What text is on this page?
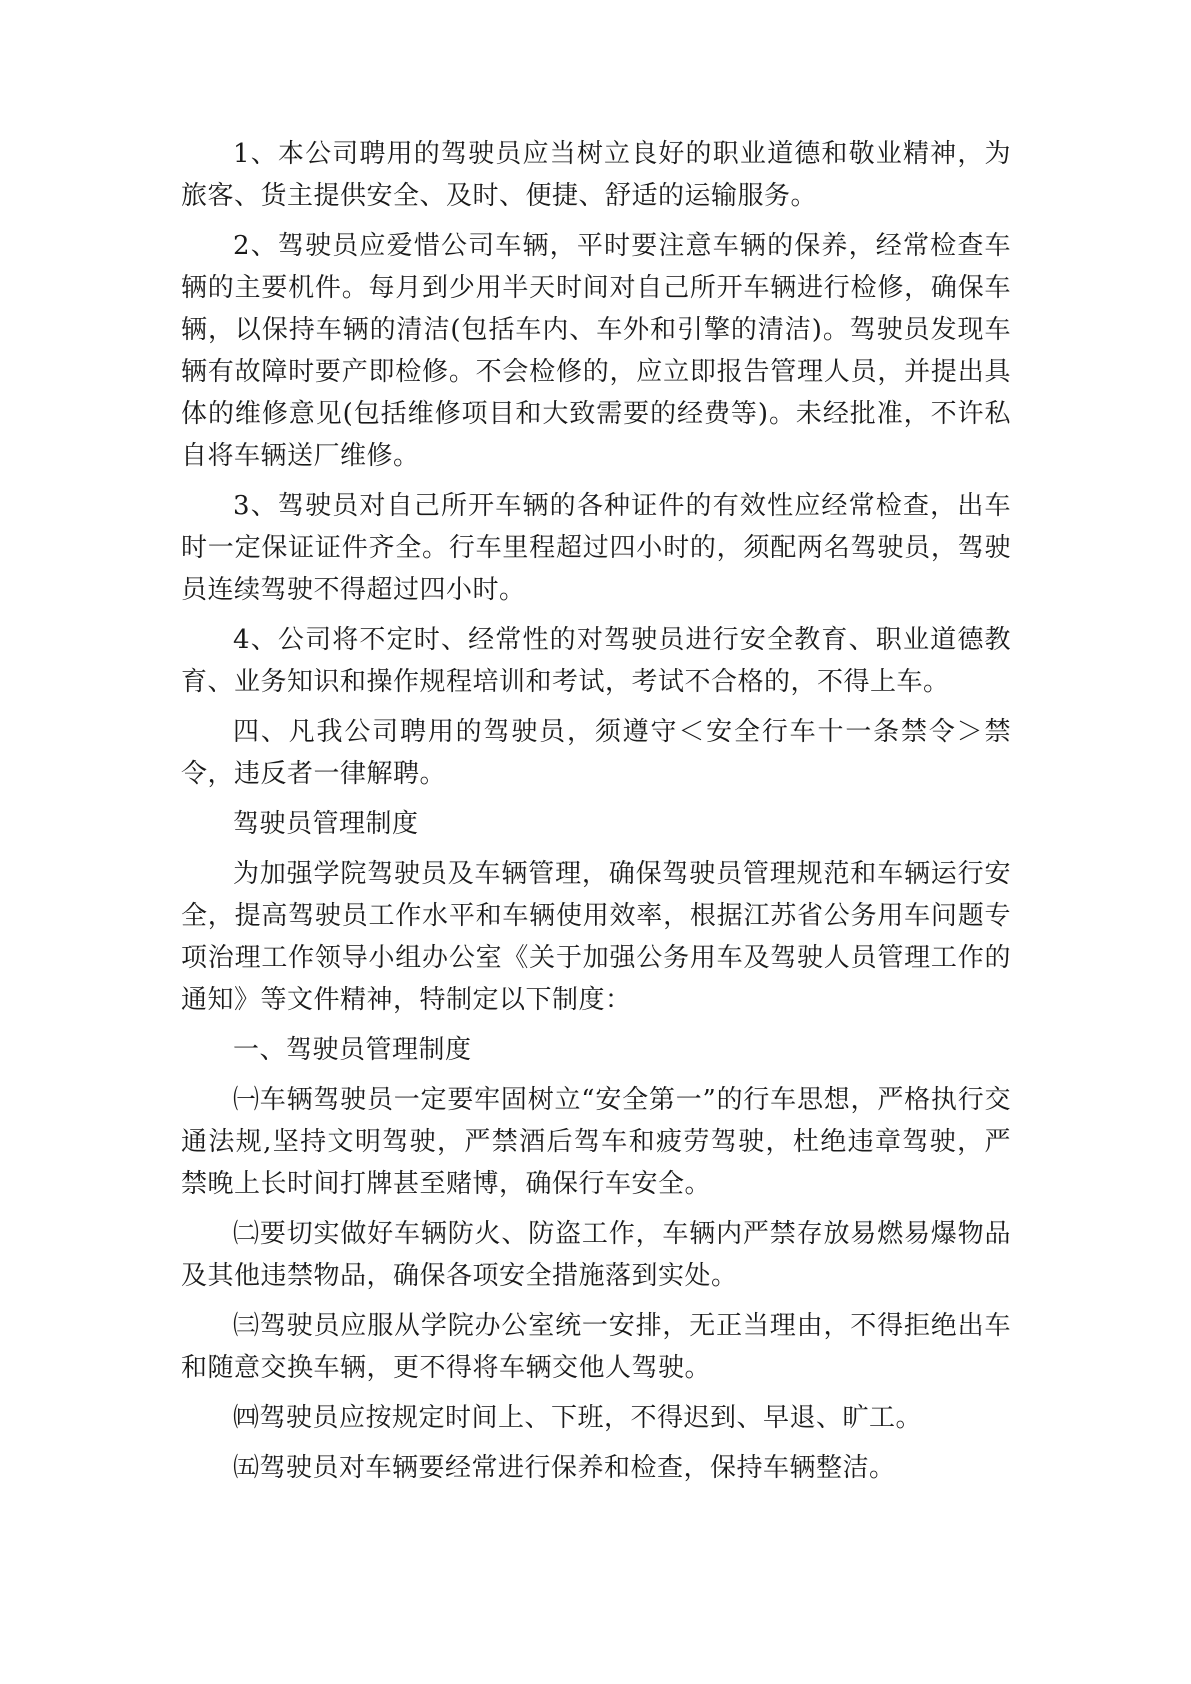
1、本公司聘用的驾驶员应当树立良好的职业道德和敬业精神，为旅客、货主提供安全、及时、便捷、舒适的运输服务。

2、驾驶员应爱惜公司车辆，平时要注意车辆的保养，经常检查车辆的主要机件。每月到少用半天时间对自己所开车辆进行检修，确保车辆，以保持车辆的清洁(包括车内、车外和引擎的清洁)。驾驶员发现车辆有故障时要产即检修。不会检修的，应立即报告管理人员，并提出具体的维修意见(包括维修项目和大致需要的经费等)。未经批准，不许私自将车辆送厂维修。

3、驾驶员对自己所开车辆的各种证件的有效性应经常检查，出车时一定保证证件齐全。行车里程超过四小时的，须配两名驾驶员，驾驶员连续驾驶不得超过四小时。

4、公司将不定时、经常性的对驾驶员进行安全教育、职业道德教育、业务知识和操作规程培训和考试，考试不合格的，不得上车。

四、凡我公司聘用的驾驶员，须遵守＜安全行车十一条禁令＞禁令，违反者一律解聘。

驾驶员管理制度

为加强学院驾驶员及车辆管理，确保驾驶员管理规范和车辆运行安全，提高驾驶员工作水平和车辆使用效率，根据江苏省公务用车问题专项治理工作领导小组办公室《关于加强公务用车及驾驶人员管理工作的通知》等文件精神，特制定以下制度：

一、驾驶员管理制度

㈠车辆驾驶员一定要牢固树立“安全第一”的行车思想，严格执行交通法规,坚持文明驾驶，严禁酒后驾车和疲劳驾驶，杜绝违章驾驶，严禁晚上长时间打牌甚至赌博，确保行车安全。

㈡要切实做好车辆防火、防盗工作，车辆内严禁存放易燃易爆物品及其他违禁物品，确保各项安全措施落到实处。

㈢驾驶员应服从学院办公室统一安排，无正当理由，不得拒绝出车和随意交换车辆，更不得将车辆交他人驾驶。

㈣驾驶员应按规定时间上、下班，不得迟到、早退、旷工。

㈤驾驶员对车辆要经常进行保养和检查，保持车辆整洁。
